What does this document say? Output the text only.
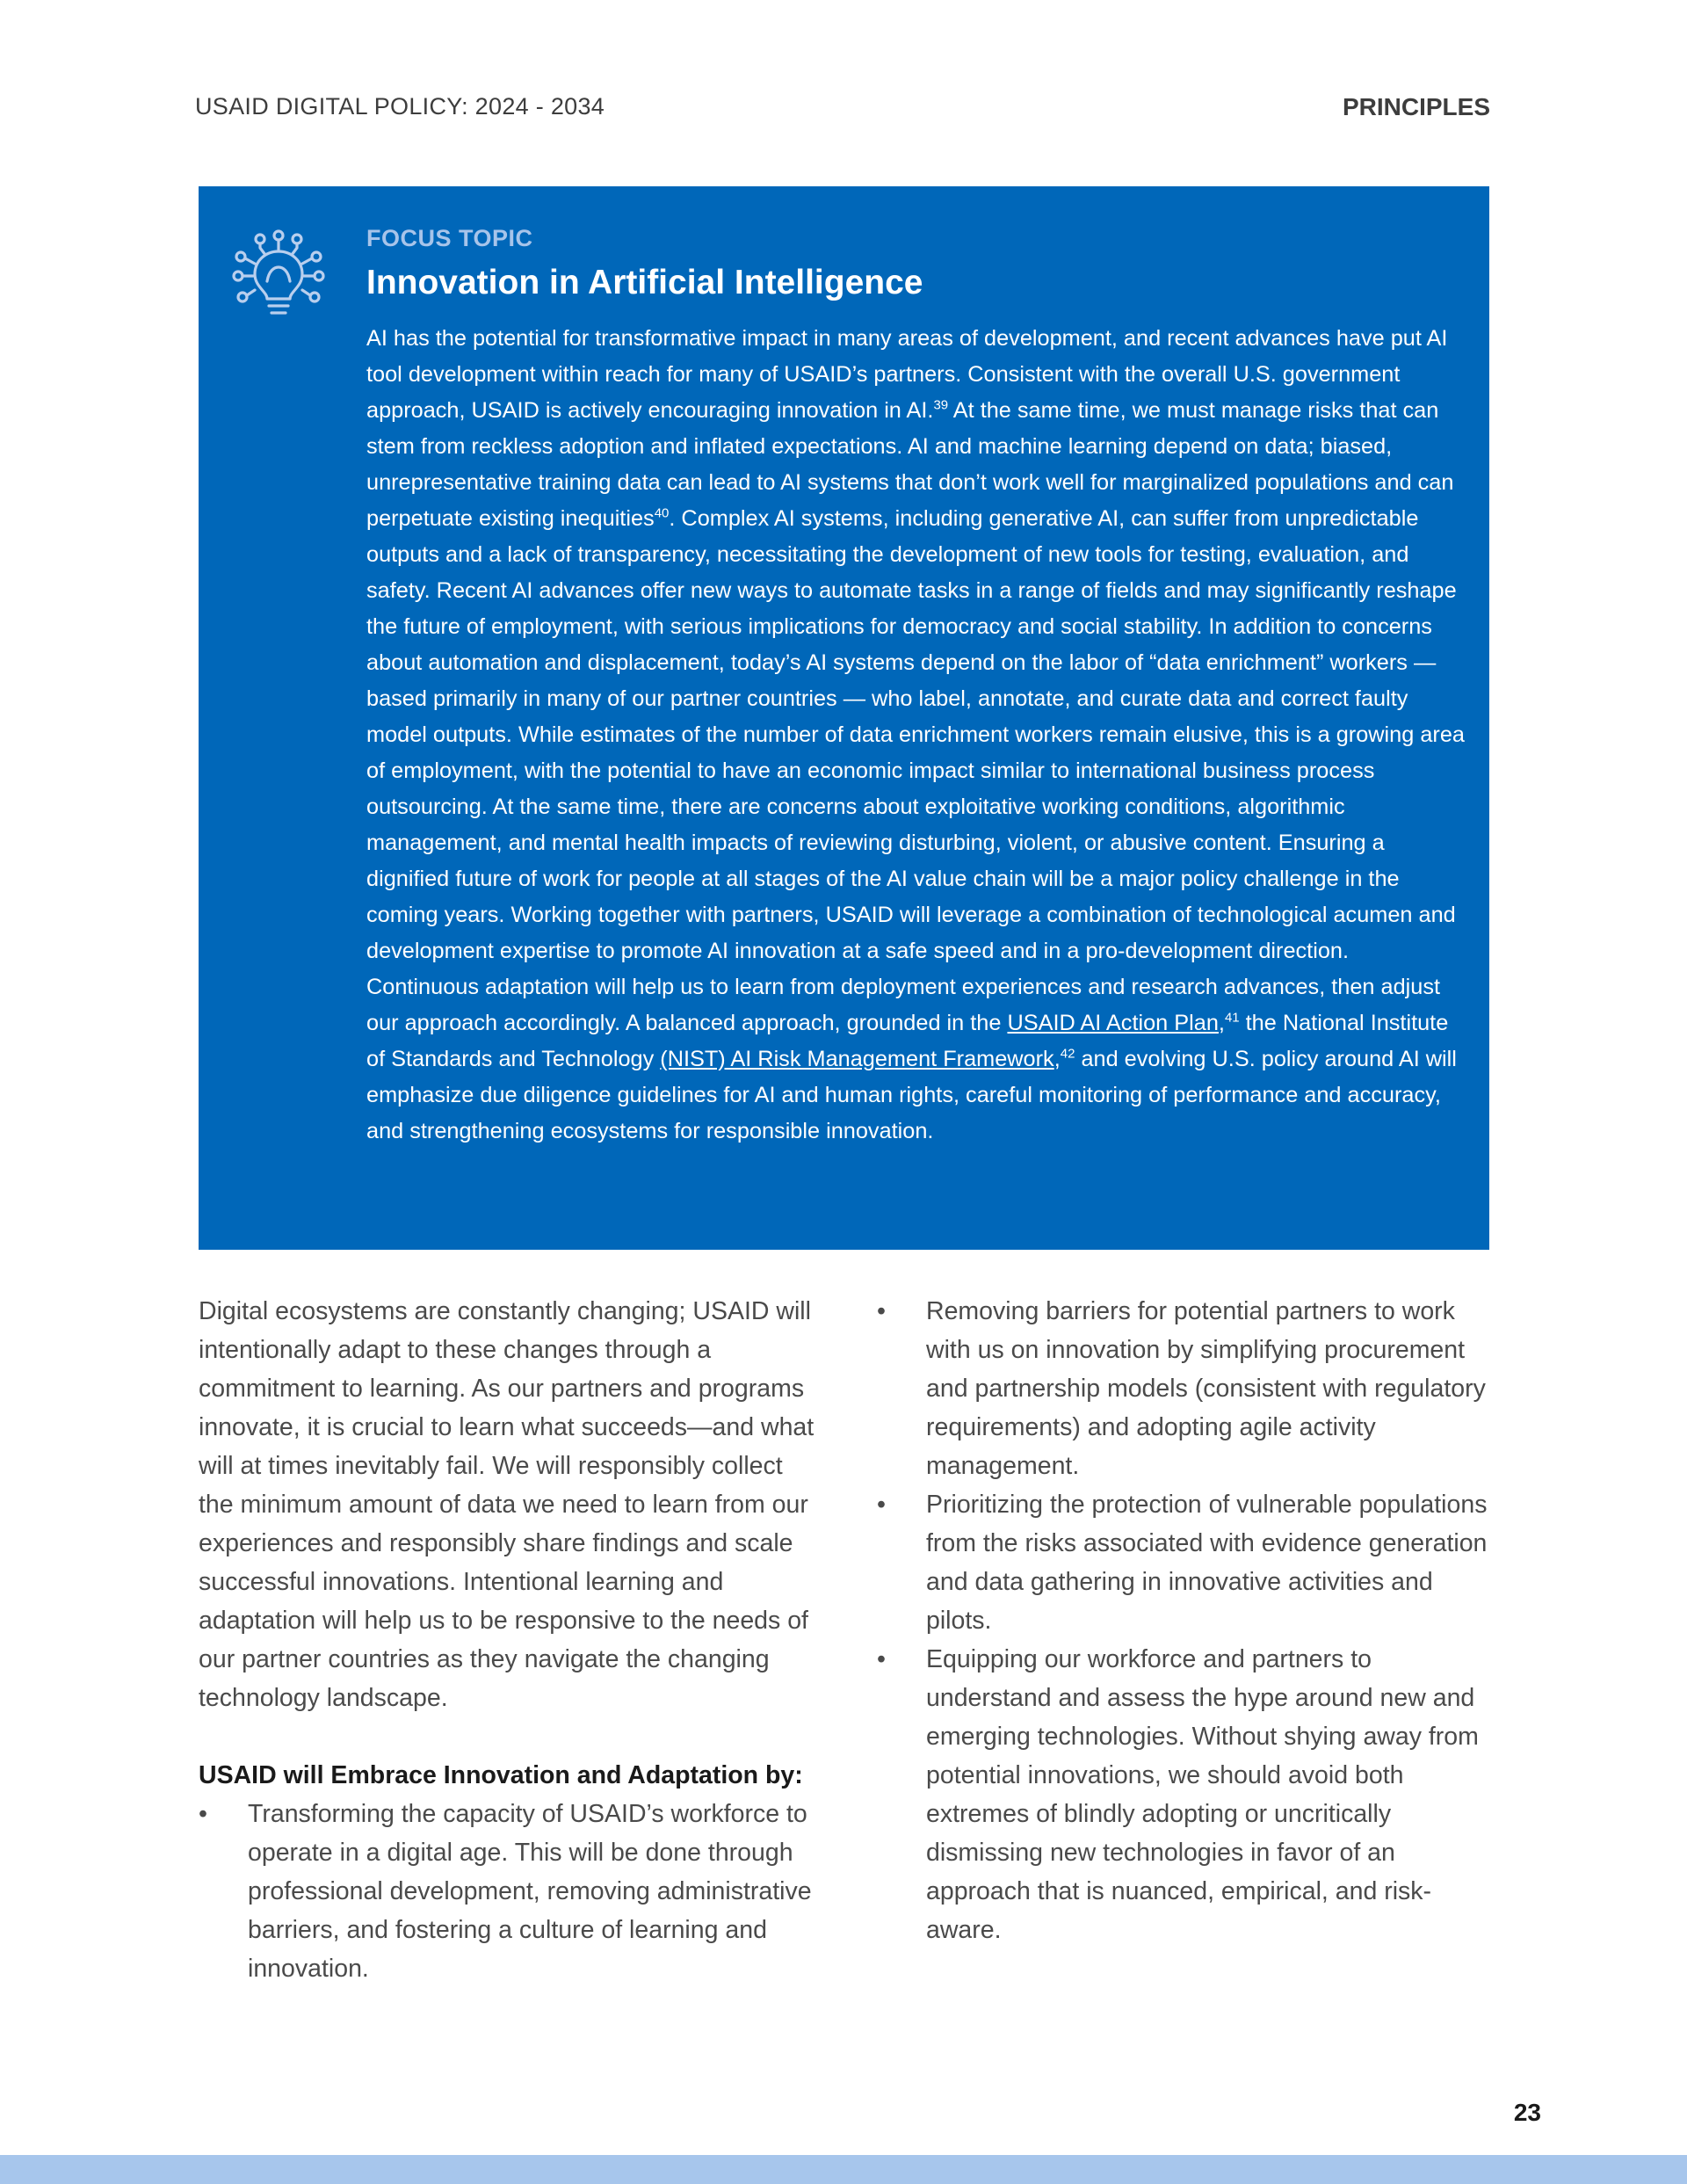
USAID DIGITAL POLICY: 2024 - 2034	PRINCIPLES
FOCUS TOPIC
Innovation in Artificial Intelligence
AI has the potential for transformative impact in many areas of development, and recent advances have put AI tool development within reach for many of USAID’s partners. Consistent with the overall U.S. government approach, USAID is actively encouraging innovation in AI.$^{39}$ At the same time, we must manage risks that can stem from reckless adoption and inflated expectations. AI and machine learning depend on data; biased, unrepresentative training data can lead to AI systems that don’t work well for marginalized populations and can perpetuate existing inequities$^{40}$. Complex AI systems, including generative AI, can suffer from unpredictable outputs and a lack of transparency, necessitating the development of new tools for testing, evaluation, and safety. Recent AI advances offer new ways to automate tasks in a range of fields and may significantly reshape the future of employment, with serious implications for democracy and social stability. In addition to concerns about automation and displacement, today’s AI systems depend on the labor of “data enrichment” workers — based primarily in many of our partner countries — who label, annotate, and curate data and correct faulty model outputs. While estimates of the number of data enrichment workers remain elusive, this is a growing area of employment, with the potential to have an economic impact similar to international business process outsourcing. At the same time, there are concerns about exploitative working conditions, algorithmic management, and mental health impacts of reviewing disturbing, violent, or abusive content. Ensuring a dignified future of work for people at all stages of the AI value chain will be a major policy challenge in the coming years. Working together with partners, USAID will leverage a combination of technological acumen and development expertise to promote AI innovation at a safe speed and in a pro-development direction. Continuous adaptation will help us to learn from deployment experiences and research advances, then adjust our approach accordingly. A balanced approach, grounded in the USAID AI Action Plan,$^{41}$ the National Institute of Standards and Technology (NIST) AI Risk Management Framework,$^{42}$ and evolving U.S. policy around AI will emphasize due diligence guidelines for AI and human rights, careful monitoring of performance and accuracy, and strengthening ecosystems for responsible innovation.

Digital ecosystems are constantly changing; USAID will intentionally adapt to these changes through a commitment to learning. As our partners and programs innovate, it is crucial to learn what succeeds—and what will at times inevitably fail. We will responsibly collect the minimum amount of data we need to learn from our experiences and responsibly share findings and scale successful innovations. Intentional learning and adaptation will help us to be responsive to the needs of our partner countries as they navigate the changing technology landscape.

USAID will Embrace Innovation and Adaptation by:

• Transforming the capacity of USAID’s workforce to operate in a digital age. This will be done through professional development, removing administrative barriers, and fostering a culture of learning and innovation.
• Removing barriers for potential partners to work with us on innovation by simplifying procurement and partnership models (consistent with regulatory requirements) and adopting agile activity management.
• Prioritizing the protection of vulnerable populations from the risks associated with evidence generation and data gathering in innovative activities and pilots.
• Equipping our workforce and partners to understand and assess the hype around new and emerging technologies. Without shying away from potential innovations, we should avoid both extremes of blindly adopting or uncritically dismissing new technologies in favor of an approach that is nuanced, empirical, and risk-aware.
23
